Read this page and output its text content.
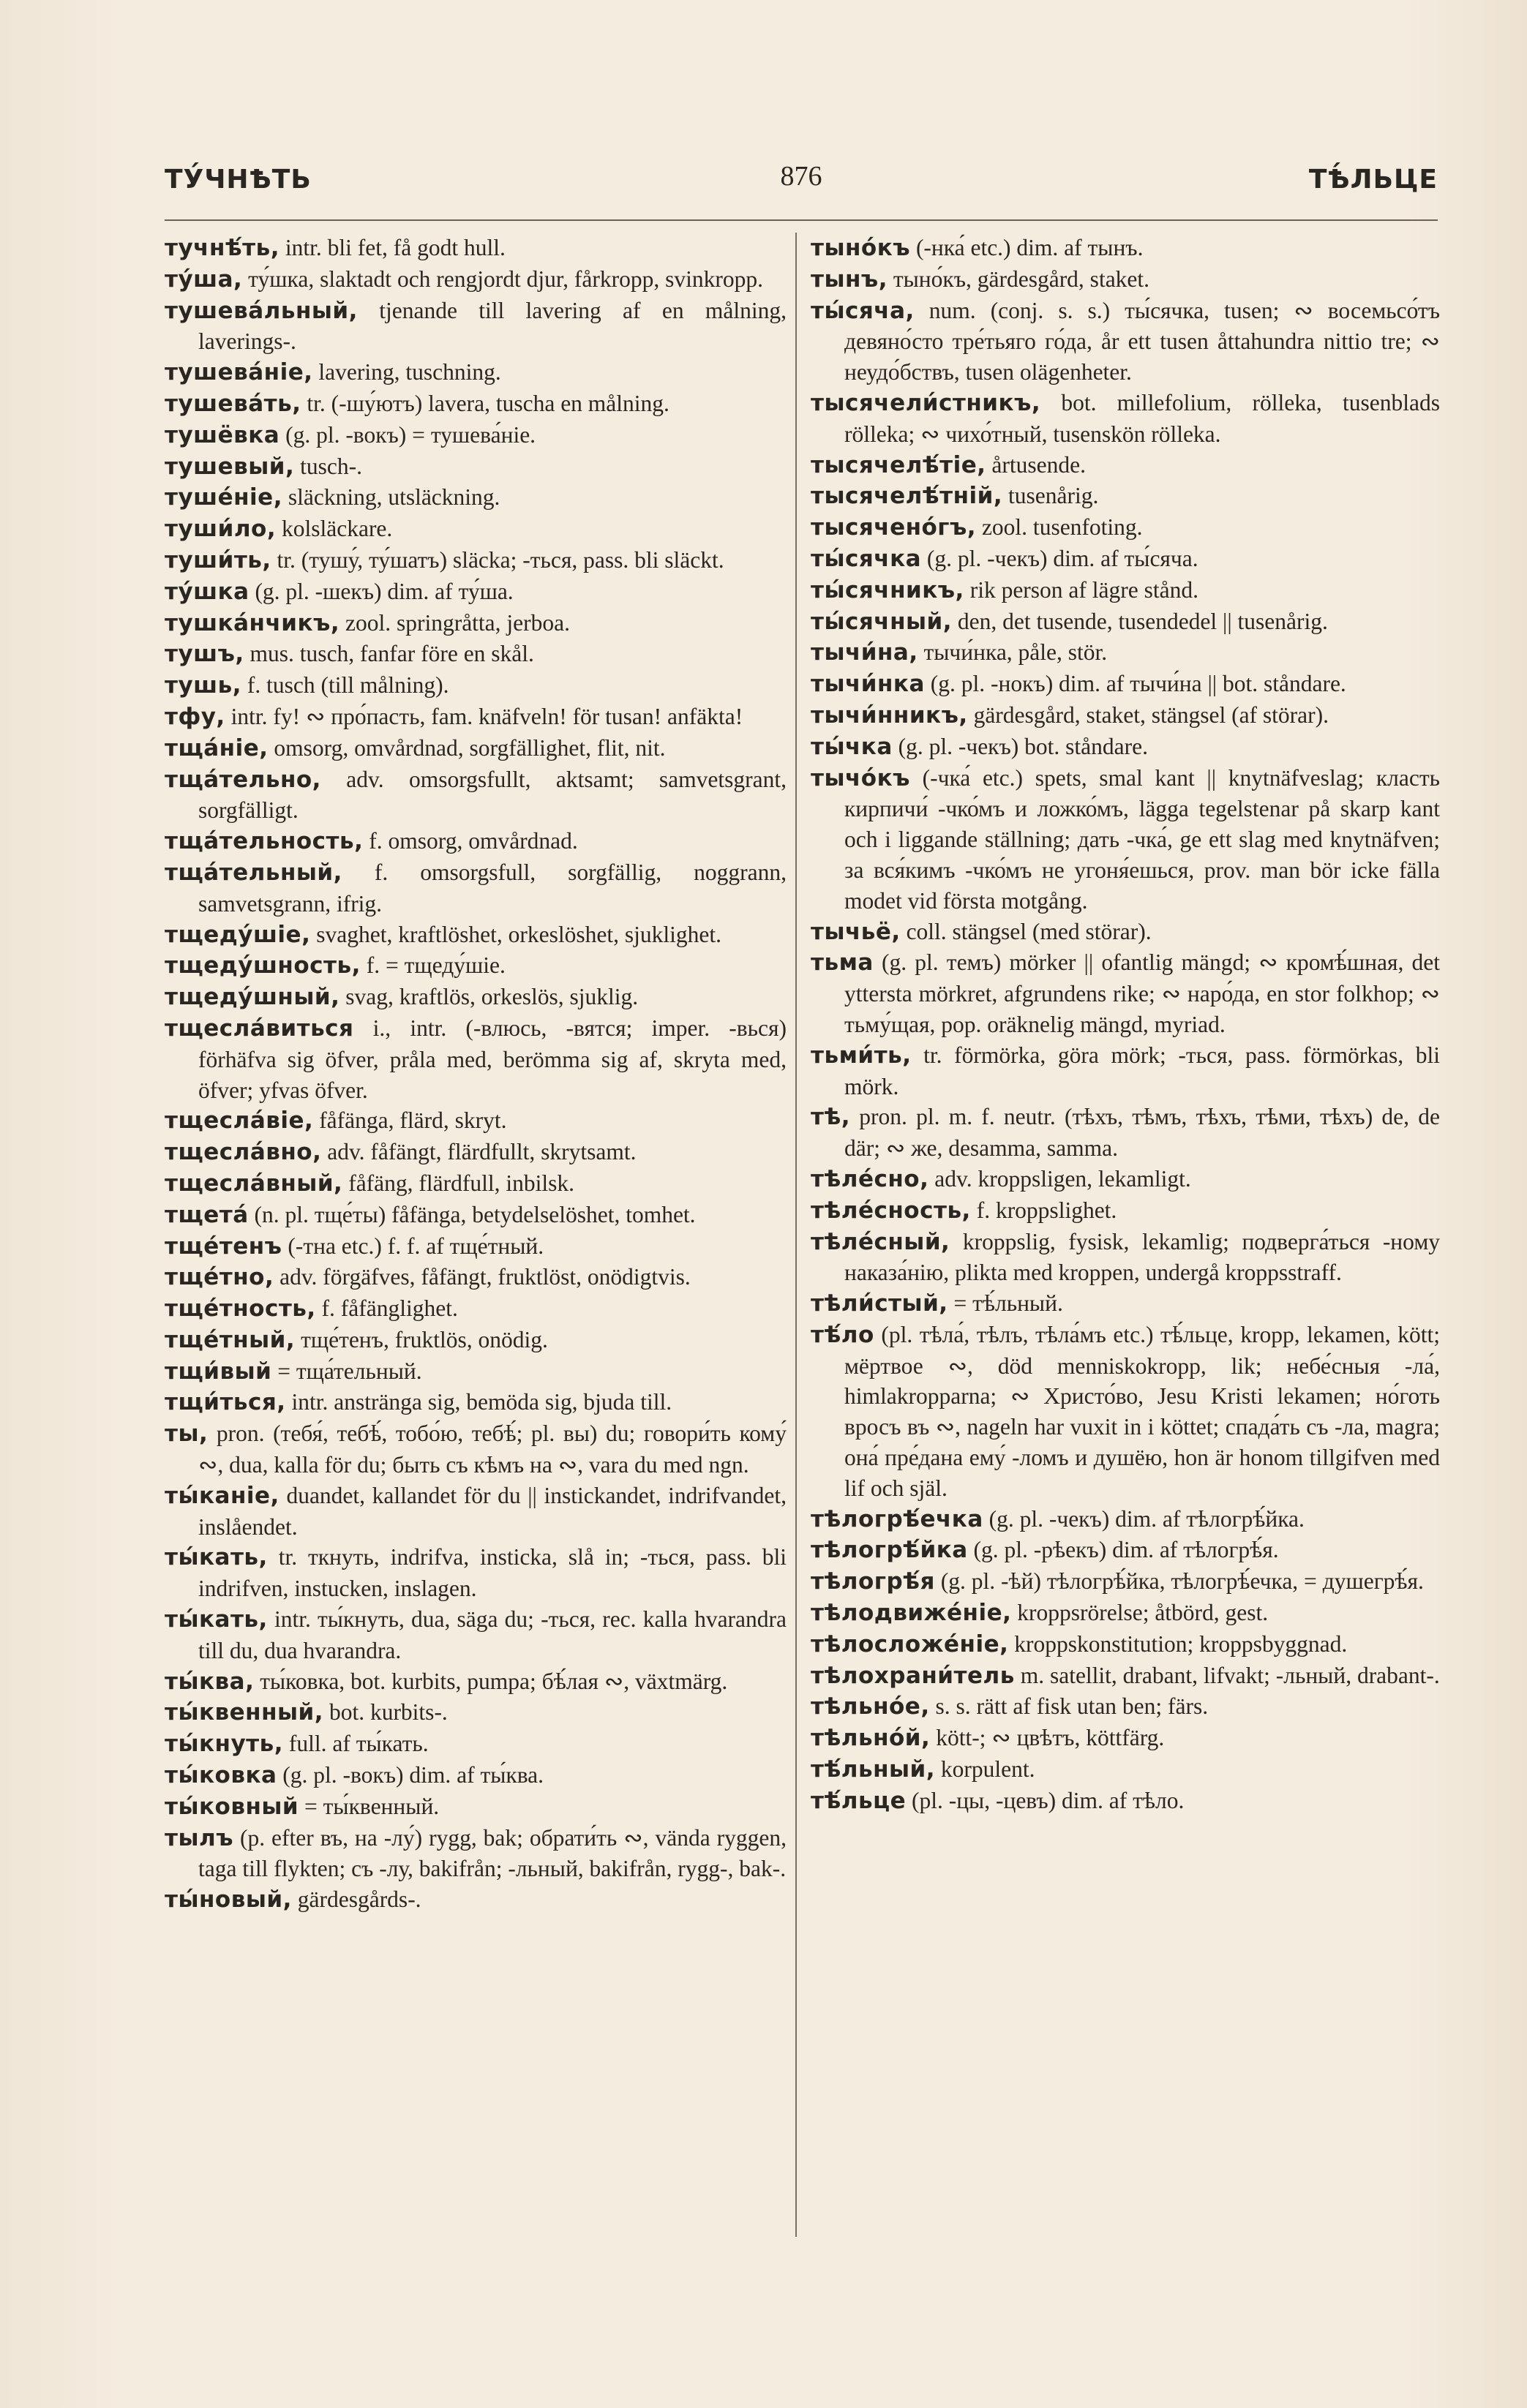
ТУ́ЧНѢТЬ	876	ТѢ́ЛЬЦЕ

тучнѣ́ть, intr. bli fet, få godt hull.

ту́ша, ту́шка, slaktadt och rengjordt djur, fårkropp, svinkropp.

тушева́льный, tjenande till lavering af en målning, laverings-.

тушева́ніе, lavering, tuschning.

тушева́ть, tr. (-шу́ютъ) lavera, tuscha en målning.

тушёвка (g. pl. -вокъ) = тушева́ніе.

тушевый, tusch-.

туше́ніе, släckning, utsläckning.

туши́ло, kolsläckare.

туши́ть, tr. (тушу́, ту́шатъ) släcka; -ться, pass. bli släckt.

ту́шка (g. pl. -шекъ) dim. af ту́ша.

тушка́нчикъ, zool. springråtta, jerboa.

тушъ, mus. tusch, fanfar före en skål.

тушь, f. tusch (till målning).

тфу, intr. fy! ∾ про́пасть, fam. knäfveln! för tusan! anfäkta!

тща́ніе, omsorg, omvårdnad, sorgfällighet, flit, nit.

тща́тельно, adv. omsorgsfullt, aktsamt; samvetsgrant, sorgfälligt.

тща́тельность, f. omsorg, omvårdnad.

тща́тельный, f. omsorgsfull, sorgfällig, noggrann, samvetsgrann, ifrig.

тщеду́шіе, svaghet, kraftlöshet, orkeslöshet, sjuklighet.

тщеду́шность, f. = тщеду́шіе.

тщеду́шный, svag, kraftlös, orkeslös, sjuklig.

тщесла́виться i., intr. (-влюсь, -вятся; imper. -вься) förhäfva sig öfver, pråla med, berömma sig af, skryta med, öfver; yfvas öfver.

тщесла́віе, fåfänga, flärd, skryt.

тщесла́вно, adv. fåfängt, flärdfullt, skrytsamt.

тщесла́вный, fåfäng, flärdfull, inbilsk.

тщета́ (n. pl. тще́ты) fåfänga, betydelselöshet, tomhet.

тще́тенъ (-тна etc.) f. f. af тще́тный.

тще́тно, adv. förgäfves, fåfängt, fruktlöst, onödigtvis.

тще́тность, f. fåfänglighet.

тще́тный, тще́тенъ, fruktlös, onödig.

тщи́вый = тща́тельный.

тщи́ться, intr. anstränga sig, bemöda sig, bjuda till.

ты, pron. (тебя́, тебѣ́, тобо́ю, тебѣ́; pl. вы) du; говори́ть кому́ ∾, dua, kalla för du; быть съ кѣмъ на ∾, vara du med ngn.

ты́каніе, duandet, kallandet för du || instickandet, indrifvandet, inslåendet.

ты́кать, tr. ткнуть, indrifva, insticka, slå in; -ться, pass. bli indrifven, instucken, inslagen.

ты́кать, intr. ты́кнуть, dua, säga du; -ться, rec. kalla hvarandra till du, dua hvarandra.

ты́ква, ты́ковка, bot. kurbits, pumpa; бѣ́лая ∾, växtmärg.

ты́квенный, bot. kurbits-.

ты́кнуть, full. af ты́кать.

ты́ковка (g. pl. -вокъ) dim. af ты́ква.

ты́ковный = ты́квенный.

тылъ (p. efter въ, на -лу́) rygg, bak; обрати́ть ∾, vända ryggen, taga till flykten; съ -лу, bakifrån; -льный, bakifrån, rygg-, bak-.

ты́новый, gärdesgårds-.

тыно́къ (-нка́ etc.) dim. af тынъ.

тынъ, тыно́къ, gärdesgård, staket.

ты́сяча, num. (conj. s. s.) ты́сячка, tusen; ∾ восемьсо́тъ девяно́сто тре́тьяго го́да, år ett tusen åttahundra nittio tre; ∾ неудо́бствъ, tusen olägenheter.

тысячели́стникъ, bot. millefolium, rölleka, tusenblads rölleka; ∾ чихо́тный, tusenskön rölleka.

тысячелѣ́тіе, årtusende.

тысячелѣ́тній, tusenårig.

тысячено́гъ, zool. tusenfoting.

ты́сячка (g. pl. -чекъ) dim. af ты́сяча.

ты́сячникъ, rik person af lägre stånd.

ты́сячный, den, det tusende, tusendedel || tusenårig.

тычи́на, тычи́нка, påle, stör.

тычи́нка (g. pl. -нокъ) dim. af тычи́на || bot. ståndare.

тычи́нникъ, gärdesgård, staket, stängsel (af störar).

ты́чка (g. pl. -чекъ) bot. ståndare.

тычо́къ (-чка́ etc.) spets, smal kant || knytnäfveslag; класть кирпичи́ -чко́мъ и ложко́мъ, lägga tegelstenar på skarp kant och i liggande ställning; дать -чка́, ge ett slag med knytnäfven; за вся́кимъ -чко́мъ не угоня́ешься, prov. man bör icke fälla modet vid första motgång.

тычьё, coll. stängsel (med störar).

тьма (g. pl. темъ) mörker || ofantlig mängd; ∾ кромѣ́шная, det yttersta mörkret, afgrundens rike; ∾ наро́да, en stor folkhop; ∾ тьму́щая, pop. oräknelig mängd, myriad.

тьми́ть, tr. förmörka, göra mörk; -ться, pass. förmörkas, bli mörk.

тѣ, pron. pl. m. f. neutr. (тѣхъ, тѣмъ, тѣхъ, тѣми, тѣхъ) de, de där; ∾ же, desamma, samma.

тѣле́сно, adv. kroppsligen, lekamligt.

тѣле́сность, f. kroppslighet.

тѣле́сный, kroppslig, fysisk, lekamlig; подверга́ться -ному наказа́нію, plikta med kroppen, undergå kroppsstraff.

тѣли́стый, = тѣ́льный.

тѣ́ло (pl. тѣла́, тѣлъ, тѣла́мъ etc.) тѣ́льце, kropp, lekamen, kött; мёртвое ∾, död menniskokropp, lik; небе́сныя -ла́, himlakropparna; ∾ Христо́во, Jesu Kristi lekamen; но́готь вросъ въ ∾, nageln har vuxit in i köttet; спада́ть съ -ла, magra; она́ пре́дана ему́ -ломъ и душёю, hon är honom tillgifven med lif och själ.

тѣлогрѣ́ечка (g. pl. -чекъ) dim. af тѣлогрѣ́йка.

тѣлогрѣ́йка (g. pl. -рѣекъ) dim. af тѣлогрѣ́я.

тѣлогрѣ́я (g. pl. -ѣй) тѣлогрѣ́йка, тѣлогрѣ́ечка, = душегрѣ́я.

тѣлодвиже́ніе, kroppsrörelse; åtbörd, gest.

тѣлосложе́ніе, kroppskonstitution; kroppsbyggnad.

тѣлохрани́тель m. satellit, drabant, lifvakt; -льный, drabant-.

тѣльно́е, s. s. rätt af fisk utan ben; färs.

тѣльно́й, kött-; ∾ цвѣтъ, köttfärg.

тѣ́льный, korpulent.

тѣ́льце (pl. -цы, -цевъ) dim. af тѣло.
